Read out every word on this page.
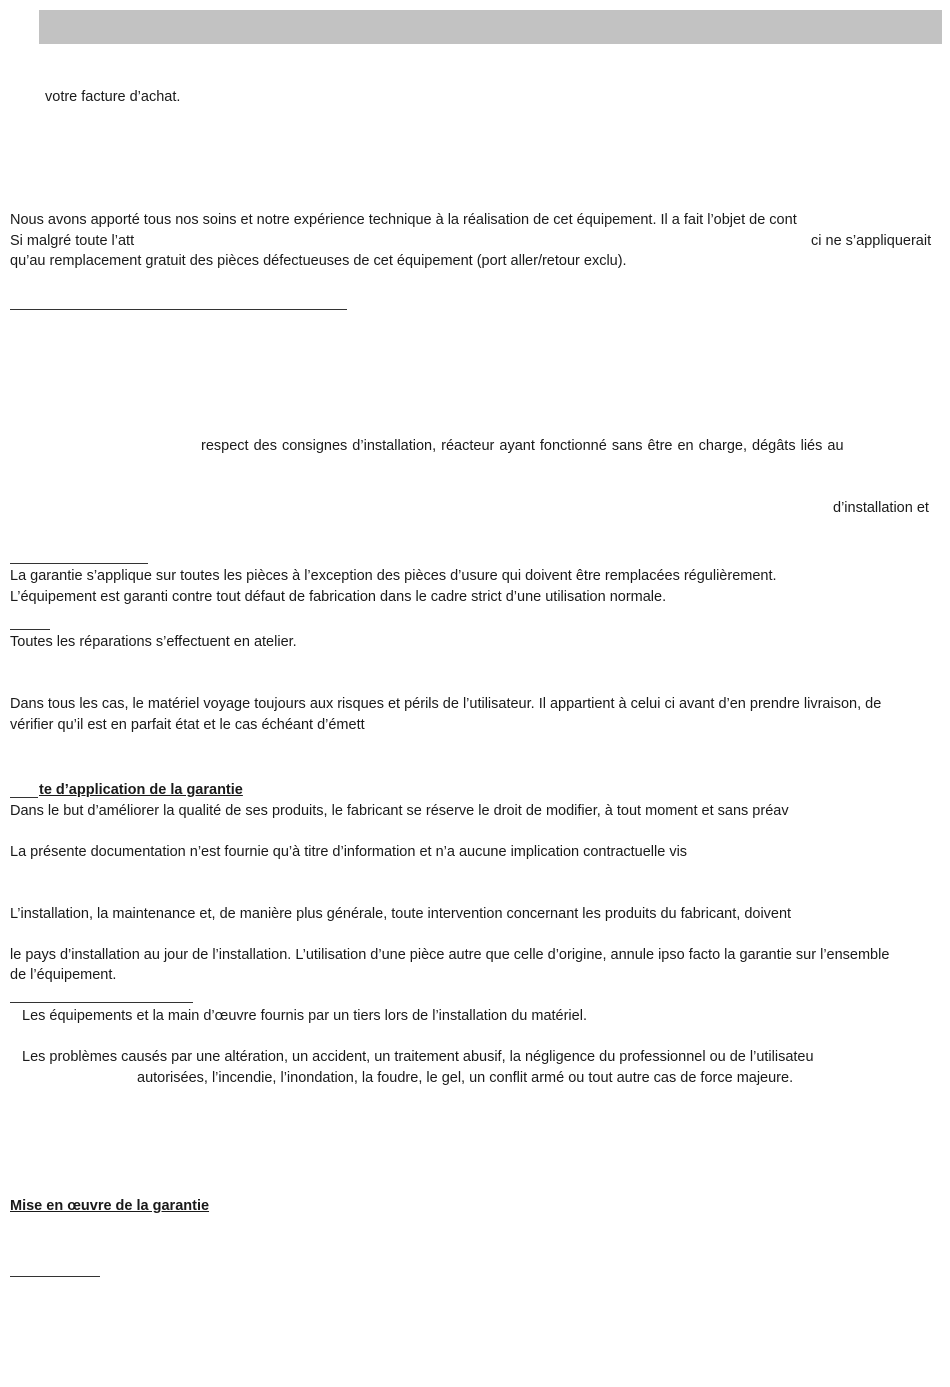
votre facture d’achat.
Nous avons apporté tous nos soins et notre expérience technique à la réalisation de cet équipement. Il a fait l’objet de cont
Si malgré toute l’att	ci ne s’appliquerait
qu’au remplacement gratuit des pièces défectueuses de cet équipement (port aller/retour exclu).
respect des consignes d’installation, réacteur ayant fonctionné sans être en charge, dégâts liés au
d’installation et
La garantie s’applique sur toutes les pièces à l’exception des pièces d’usure qui doivent être remplacées régulièrement.
L’équipement est garanti contre tout défaut de fabrication dans le cadre strict d’une utilisation normale.
Toutes les réparations s’effectuent en atelier.
Dans tous les cas, le matériel voyage toujours aux risques et périls de l’utilisateur. Il appartient à celui ci avant d’en prendre livraison, de
vérifier qu’il est en parfait état et le cas échéant d’émett
te d’application de la garantie
Dans le but d’améliorer la qualité de ses produits, le fabricant se réserve le droit de modifier, à tout moment et sans préav
La présente documentation n’est fournie qu’à titre d’information et n’a aucune implication contractuelle vis
L’installation, la maintenance et, de manière plus générale, toute intervention concernant les produits du fabricant, doivent
le pays d’installation au jour de l’installation. L’utilisation d’une pièce autre que celle d’origine, annule ipso facto la garantie sur l’ensemble
de l’équipement.
Les équipements et la main d’œuvre fournis par un tiers lors de l’installation du matériel.
Les problèmes causés par une altération, un accident, un traitement abusif, la négligence du professionnel ou de l’utilisateu
autorisées, l’incendie, l’inondation, la foudre, le gel, un conflit armé ou tout autre cas de force majeure.
Mise en œuvre de la garantie
